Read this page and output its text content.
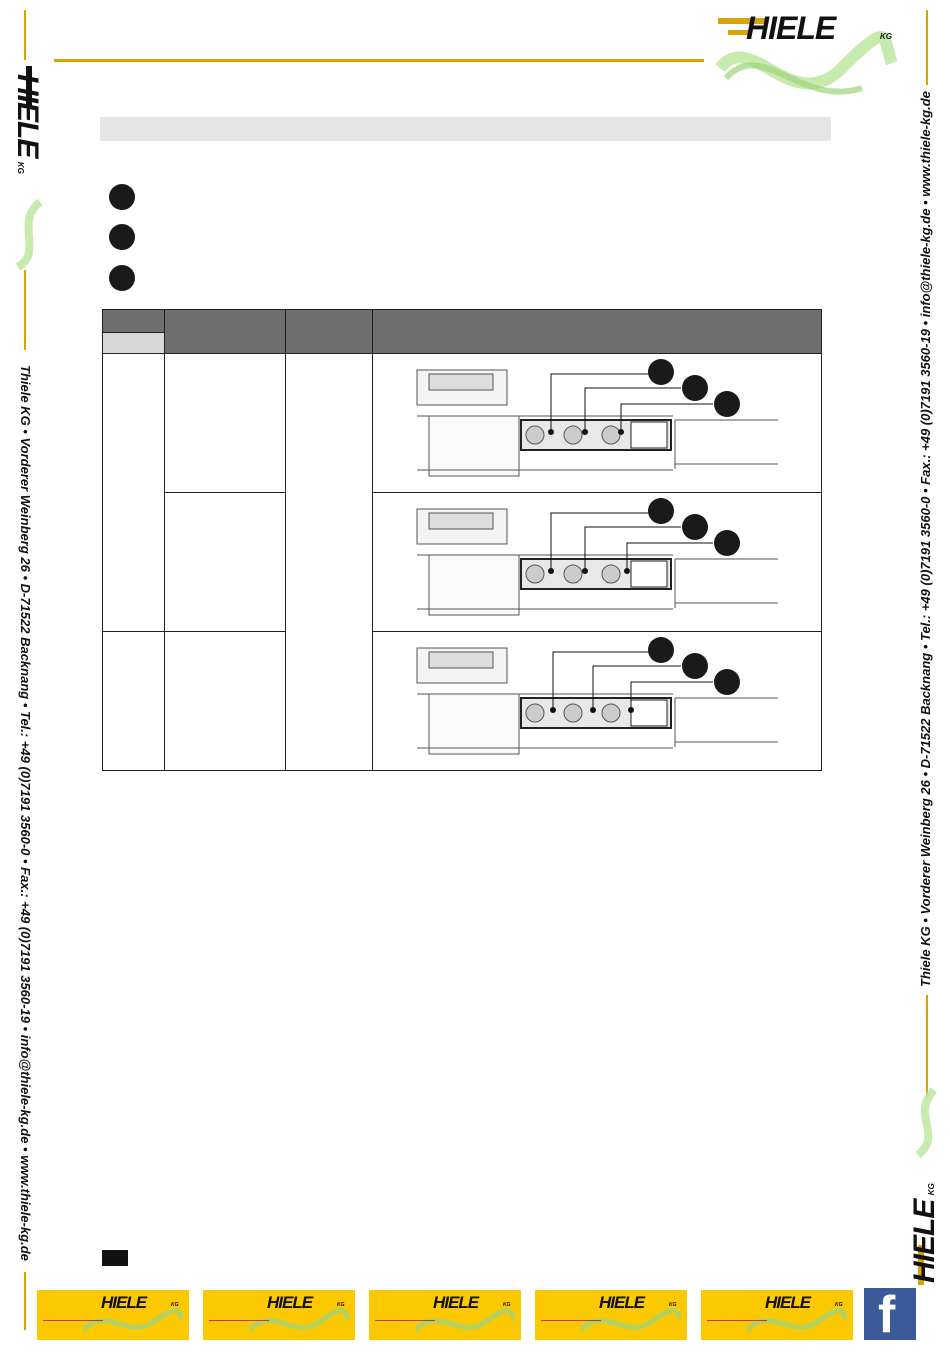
HIELE	KG
HIELE KG
Thiele KG • Vorderer Weinberg 26 • D-71522 Backnang • Tel.: +49 (0)7191 3560-0 • Fax.: +49 (0)7191 3560-19 • info@thiele-kg.de • www.thiele-kg.de	Thiele KG • Vorderer Weinberg 26 • D-71522 Backnang • Tel.: +49 (0)7191 3560-0 • Fax.: +49 (0)7191 3560-19 • info@thiele-kg.de • www.thiele-kg.de
HIELE KG

HIELE	KG	HIELE	KG	HIELE	KG	HIELE	KG	HIELE	KG f
